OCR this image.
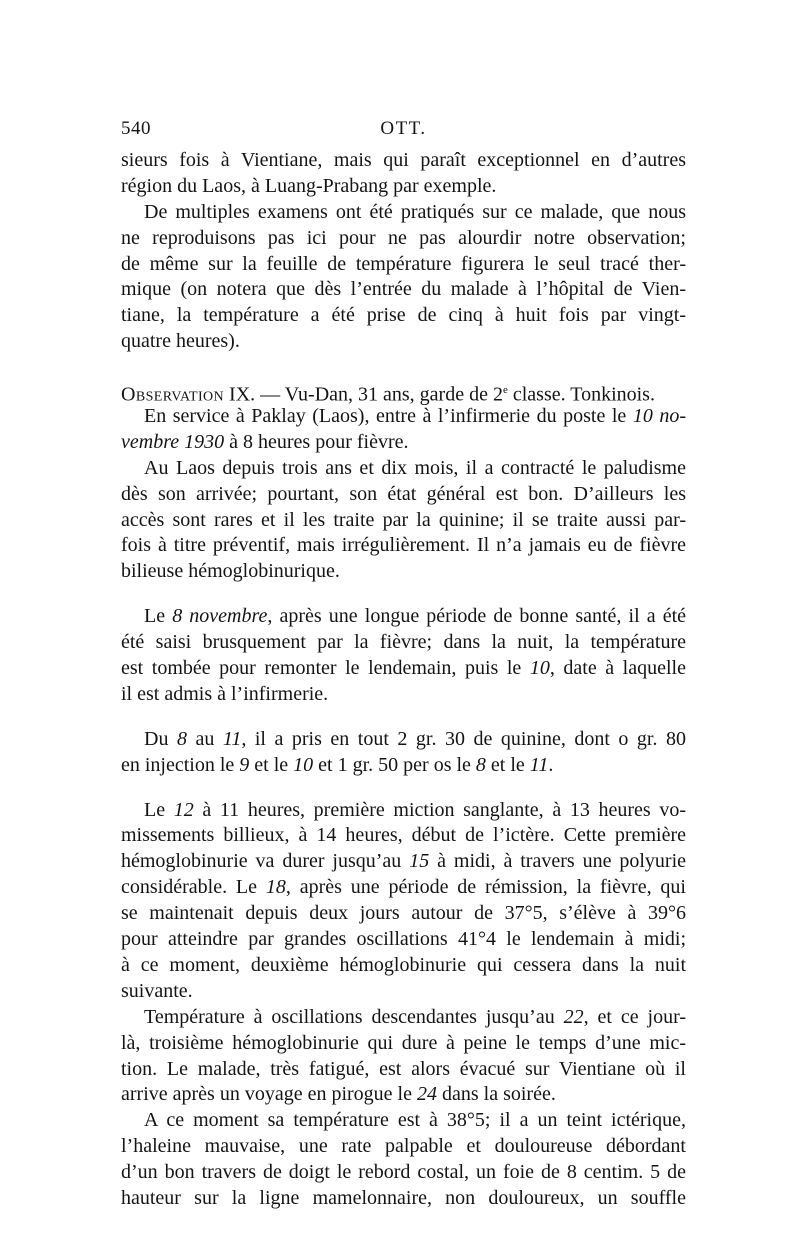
540	OTT.
sieurs fois à Vientiane, mais qui paraît exceptionnel en d’autres
région du Laos, à Luang-Prabang par exemple.
De multiples examens ont été pratiqués sur ce malade, que nous
ne reproduisons pas ici pour ne pas alourdir notre observation;
de même sur la feuille de température figurera le seul tracé ther-
mique (on notera que dès l’entrée du malade à l’hôpital de Vien-
tiane, la température a été prise de cinq à huit fois par vingt-
quatre heures).
Observation IX. — Vu-Dan, 31 ans, garde de 2e classe. Tonkinois.
En service à Paklay (Laos), entre à l’infirmerie du poste le 10 no-
vembre 1930 à 8 heures pour fièvre.
Au Laos depuis trois ans et dix mois, il a contracté le paludisme
dès son arrivée; pourtant, son état général est bon. D’ailleurs les
accès sont rares et il les traite par la quinine; il se traite aussi par-
fois à titre préventif, mais irrégulièrement. Il n’a jamais eu de fièvre
bilieuse hémoglobinurique.
Le 8 novembre, après une longue période de bonne santé, il a été
été saisi brusquement par la fièvre; dans la nuit, la température
est tombée pour remonter le lendemain, puis le 10, date à laquelle
il est admis à l’infirmerie.
Du 8 au 11, il a pris en tout 2 gr. 30 de quinine, dont o gr. 80
en injection le 9 et le 10 et 1 gr. 50 per os le 8 et le 11.
Le 12 à 11 heures, première miction sanglante, à 13 heures vo-
missements billieux, à 14 heures, début de l’ictère. Cette première
hémoglobinurie va durer jusqu’au 15 à midi, à travers une polyurie
considérable. Le 18, après une période de rémission, la fièvre, qui
se maintenait depuis deux jours autour de 37°5, s’élève à 39°6
pour atteindre par grandes oscillations 41°4 le lendemain à midi;
à ce moment, deuxième hémoglobinurie qui cessera dans la nuit
suivante.
Température à oscillations descendantes jusqu’au 22, et ce jour-
là, troisième hémoglobinurie qui dure à peine le temps d’une mic-
tion. Le malade, très fatigué, est alors évacué sur Vientiane où il
arrive après un voyage en pirogue le 24 dans la soirée.
A ce moment sa température est à 38°5; il a un teint ictérique,
l’haleine mauvaise, une rate palpable et douloureuse débordant
d’un bon travers de doigt le rebord costal, un foie de 8 centim. 5 de
hauteur sur la ligne mamelonnaire, non douloureux, un souffle
